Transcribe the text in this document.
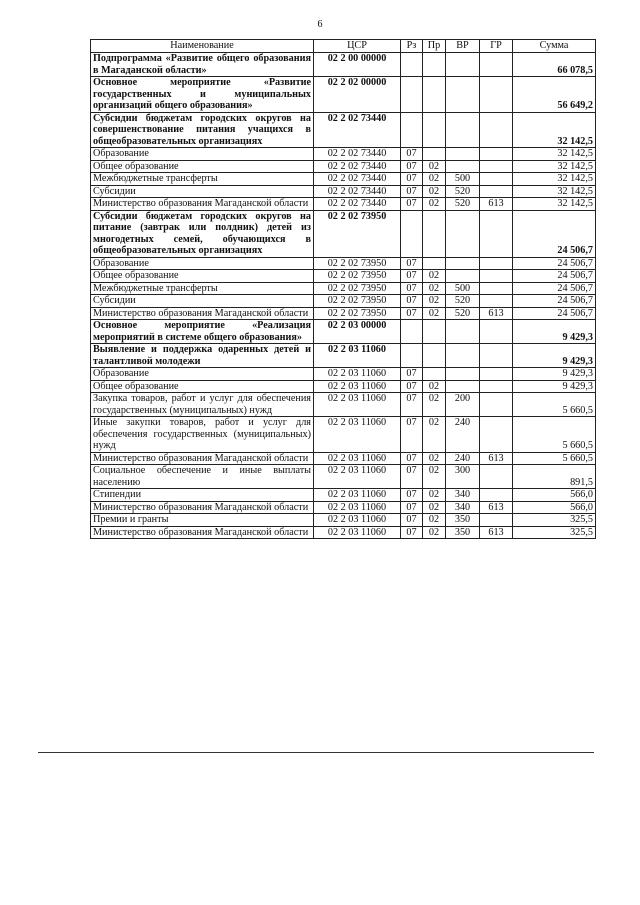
6
Наименование	ЦСР	Рз	Пр	ВР	ГР	Сумма
Подпрограмма «Развитие общего образования в Магаданской области»	02 2 00 00000					66 078,5
Основное мероприятие «Развитие государственных и муниципальных организаций общего образования»	02 2 02 00000					56 649,2
Субсидии бюджетам городских округов на совершенствование питания учащихся в общеобразовательных организациях	02 2 02 73440					32 142,5
Образование	02 2 02 73440	07				32 142,5
Общее образование	02 2 02 73440	07	02			32 142,5
Межбюджетные трансферты	02 2 02 73440	07	02	500		32 142,5
Субсидии	02 2 02 73440	07	02	520		32 142,5
Министерство образования Магаданской области	02 2 02 73440	07	02	520	613	32 142,5
Субсидии бюджетам городских округов на питание (завтрак или полдник) детей из многодетных семей, обучающихся в общеобразовательных организациях	02 2 02 73950					24 506,7
Образование	02 2 02 73950	07				24 506,7
Общее образование	02 2 02 73950	07	02			24 506,7
Межбюджетные трансферты	02 2 02 73950	07	02	500		24 506,7
Субсидии	02 2 02 73950	07	02	520		24 506,7
Министерство образования Магаданской области	02 2 02 73950	07	02	520	613	24 506,7
Основное мероприятие «Реализация мероприятий в системе общего образования»	02 2 03 00000					9 429,3
Выявление и поддержка одаренных детей и талантливой молодежи	02 2 03 11060					9 429,3
Образование	02 2 03 11060	07				9 429,3
Общее образование	02 2 03 11060	07	02			9 429,3
Закупка товаров, работ и услуг для обеспечения государственных (муниципальных) нужд	02 2 03 11060	07	02	200		5 660,5
Иные закупки товаров, работ и услуг для обеспечения государственных (муниципальных) нужд	02 2 03 11060	07	02	240		5 660,5
Министерство образования Магаданской области	02 2 03 11060	07	02	240	613	5 660,5
Социальное обеспечение и иные выплаты населению	02 2 03 11060	07	02	300		891,5
Стипендии	02 2 03 11060	07	02	340		566,0
Министерство образования Магаданской области	02 2 03 11060	07	02	340	613	566,0
Премии и гранты	02 2 03 11060	07	02	350		325,5
Министерство образования Магаданской области	02 2 03 11060	07	02	350	613	325,5
